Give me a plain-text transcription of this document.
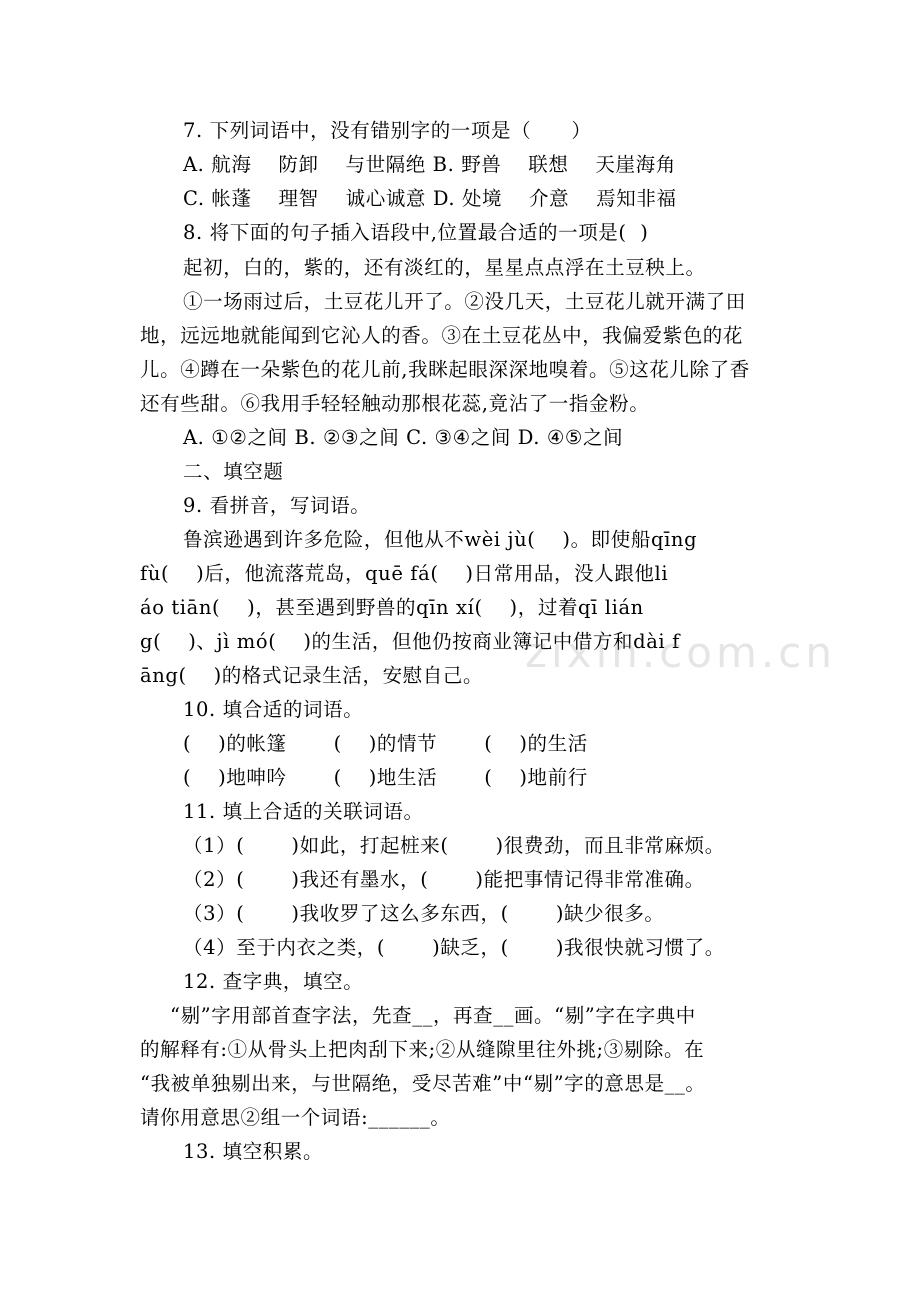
7. 下列词语中，没有错别字的一项是（　　）
A. 航海　 防卸　 与世隔绝 B. 野兽　 联想　 天崖海角
C. 帐蓬　 理智　 诚心诚意 D. 处境　 介意　 焉知非福
8. 将下面的句子插入语段中,位置最合适的一项是(  )
起初，白的，紫的，还有淡红的，星星点点浮在土豆秧上。
①一场雨过后，土豆花儿开了。②没几天，土豆花儿就开满了田
地，远远地就能闻到它沁人的香。③在土豆花丛中，我偏爱紫色的花
儿。④蹲在一朵紫色的花儿前,我眯起眼深深地嗅着。⑤这花儿除了香
还有些甜。⑥我用手轻轻触动那根花蕊,竟沾了一指金粉。
A. ①②之间 B. ②③之间 C. ③④之间 D. ④⑤之间
二、填空题
9. 看拼音，写词语。
鲁滨逊遇到许多危险，但他从不wèi jù(　 )。即使船qīng
fù(　 )后，他流落荒岛，quē fá(　 )日常用品，没人跟他li
áo tiān(　 )，甚至遇到野兽的qīn xí(　 )，过着qī lián
g(　 )、jì mó(　 )的生活，但他仍按商业簿记中借方和dài f
āng(　 )的格式记录生活，安慰自己。
10. 填合适的词语。
(　 )的帐篷　　 (　 )的情节　　 (　 )的生活
(　 )地呻吟　　 (　 )地生活　　 (　 )地前行
11. 填上合适的关联词语。
（1）(　　 )如此，打起桩来(　　 )很费劲，而且非常麻烦。
（2）(　　 )我还有墨水，(　　 )能把事情记得非常准确。
（3）(　　 )我收罗了这么多东西，(　　 )缺少很多。
（4）至于内衣之类，(　　 )缺乏，(　　 )我很快就习惯了。
12. 查字典，填空。
“剔”字用部首查字法，先查__，再查__画。“剔”字在字典中
的解释有:①从骨头上把肉刮下来;②从缝隙里往外挑;③剔除。在
“我被单独剔出来，与世隔绝，受尽苦难”中“剔”字的意思是__。
请你用意思②组一个词语:______。
13. 填空积累。
zixin.com.cn
